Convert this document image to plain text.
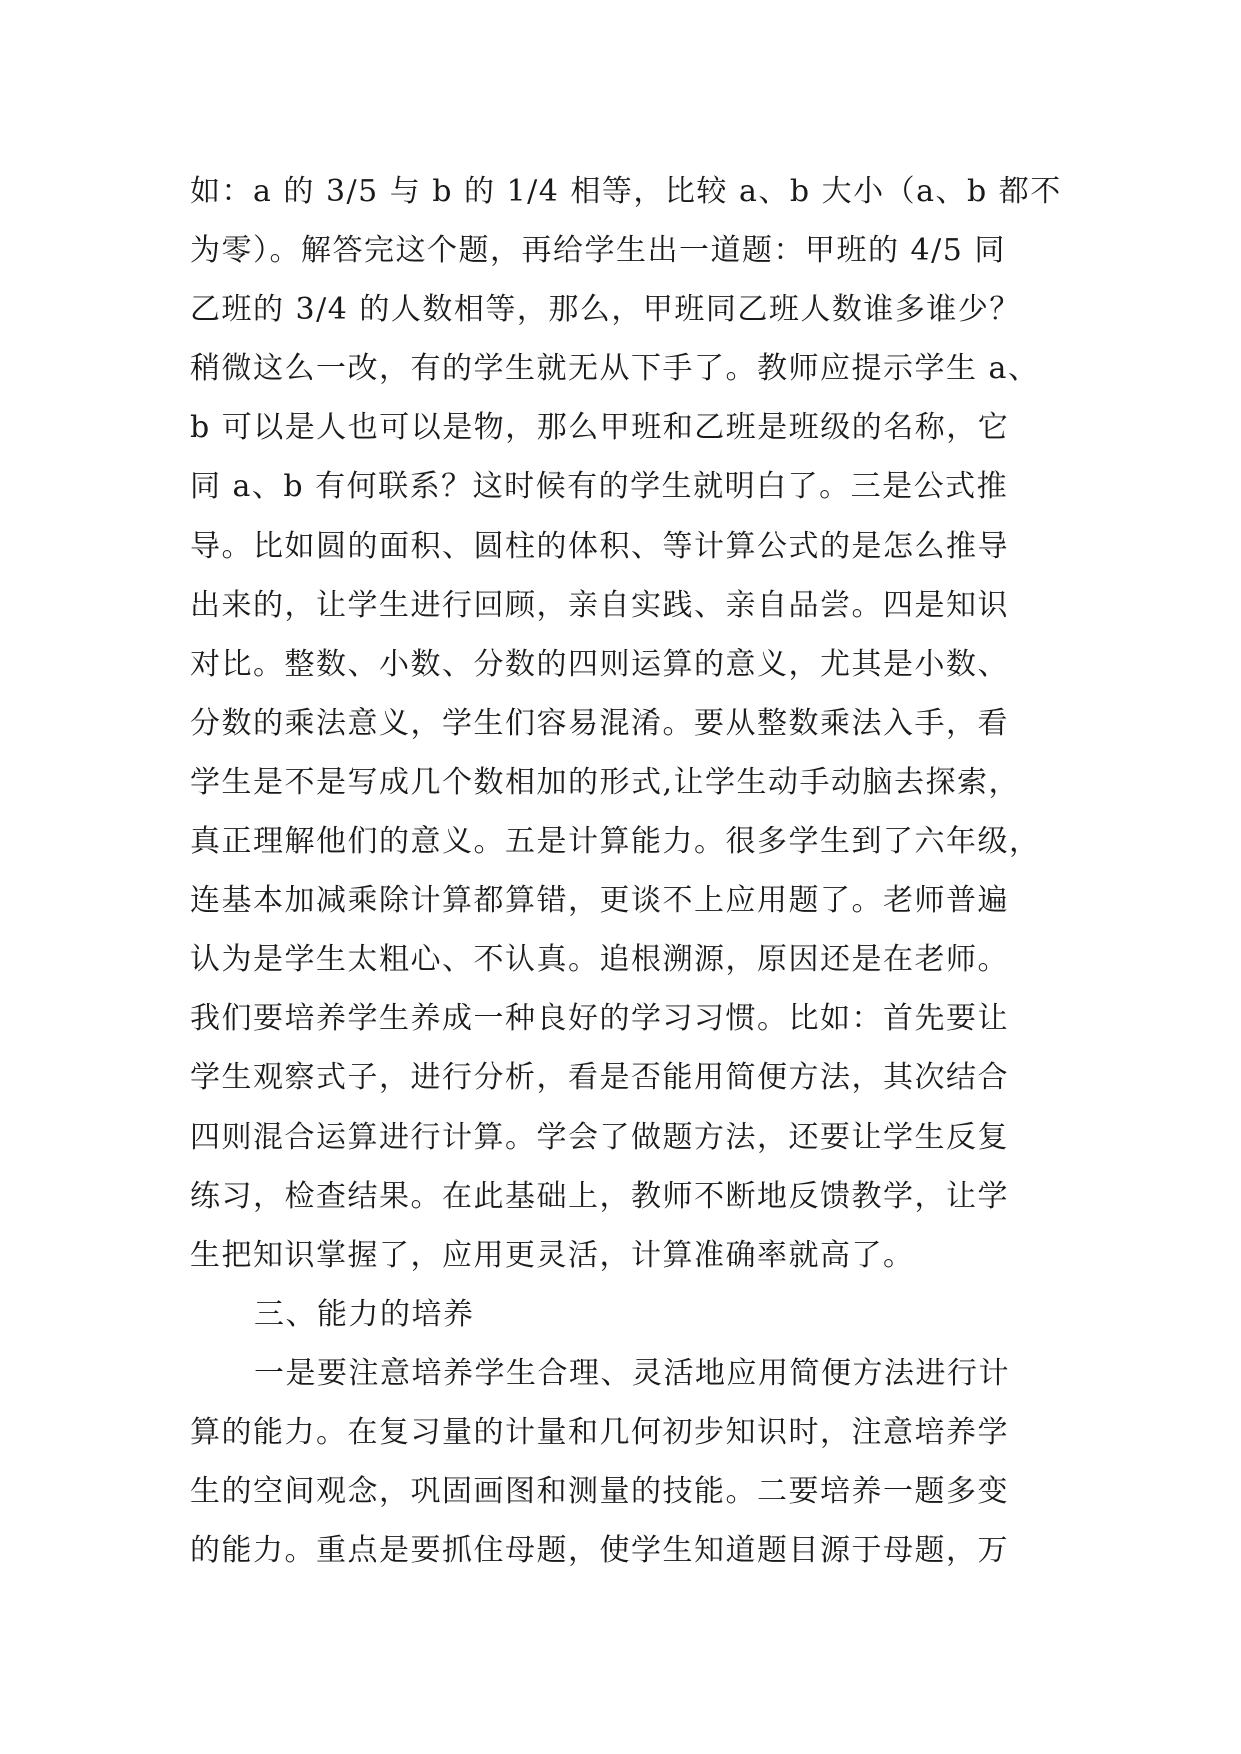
如：a 的 3/5 与 b 的 1/4 相等，比较 a、b 大小（a、b 都不
为零）。解答完这个题，再给学生出一道题：甲班的 4/5 同
乙班的 3/4 的人数相等，那么，甲班同乙班人数谁多谁少？
稍微这么一改，有的学生就无从下手了。教师应提示学生 a、
b 可以是人也可以是物，那么甲班和乙班是班级的名称，它
同 a、b 有何联系？这时候有的学生就明白了。三是公式推
导。比如圆的面积、圆柱的体积、等计算公式的是怎么推导
出来的，让学生进行回顾，亲自实践、亲自品尝。四是知识
对比。整数、小数、分数的四则运算的意义，尤其是小数、
分数的乘法意义，学生们容易混淆。要从整数乘法入手，看
学生是不是写成几个数相加的形式,让学生动手动脑去探索，
真正理解他们的意义。五是计算能力。很多学生到了六年级，
连基本加减乘除计算都算错，更谈不上应用题了。老师普遍
认为是学生太粗心、不认真。追根溯源，原因还是在老师。
我们要培养学生养成一种良好的学习习惯。比如：首先要让
学生观察式子，进行分析，看是否能用简便方法，其次结合
四则混合运算进行计算。学会了做题方法，还要让学生反复
练习，检查结果。在此基础上，教师不断地反馈教学，让学
生把知识掌握了，应用更灵活，计算准确率就高了。
三、能力的培养
一是要注意培养学生合理、灵活地应用简便方法进行计
算的能力。在复习量的计量和几何初步知识时，注意培养学
生的空间观念，巩固画图和测量的技能。二要培养一题多变
的能力。重点是要抓住母题，使学生知道题目源于母题，万
